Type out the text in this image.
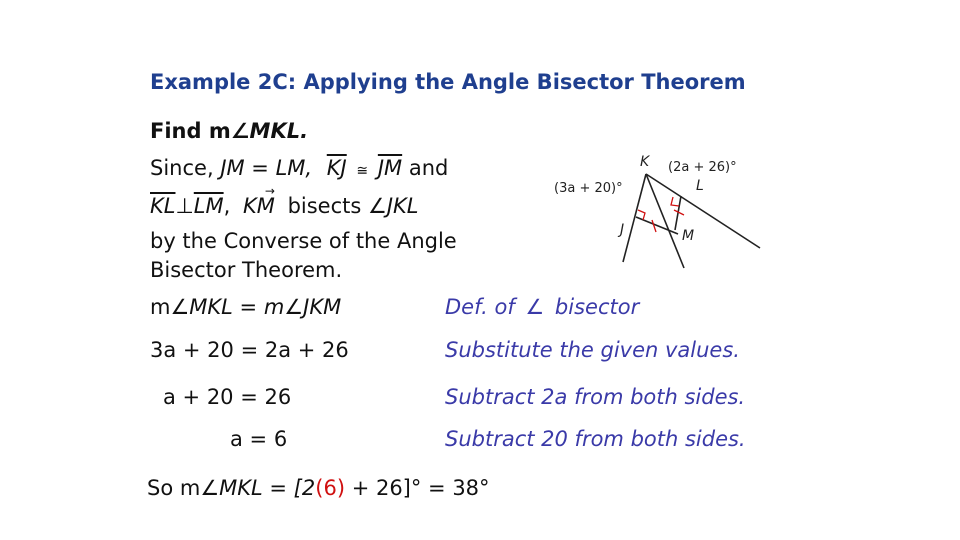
Example 2C: Applying the Angle Bisector Theorem
Find m∠MKL.
Since, JM = LM, $\overline{KJ}$ ≅ $\overline{JM}$ and
$\overline{KL}\perp\overline{LM}$, KM
→
bisects ∠JKL
by the Converse of the Angle
Bisector Theorem.
m∠MKL = m∠JKM	Def. of ∠ bisector
3a + 20 = 2a + 26	Substitute the given values.
a + 20 = 26	Subtract 2a from both sides.
a = 6	Subtract 20 from both sides.
So m∠MKL = [2(6) + 26]° = 38°
K
L
J	M
(2a + 26)°
(3a + 20)°
